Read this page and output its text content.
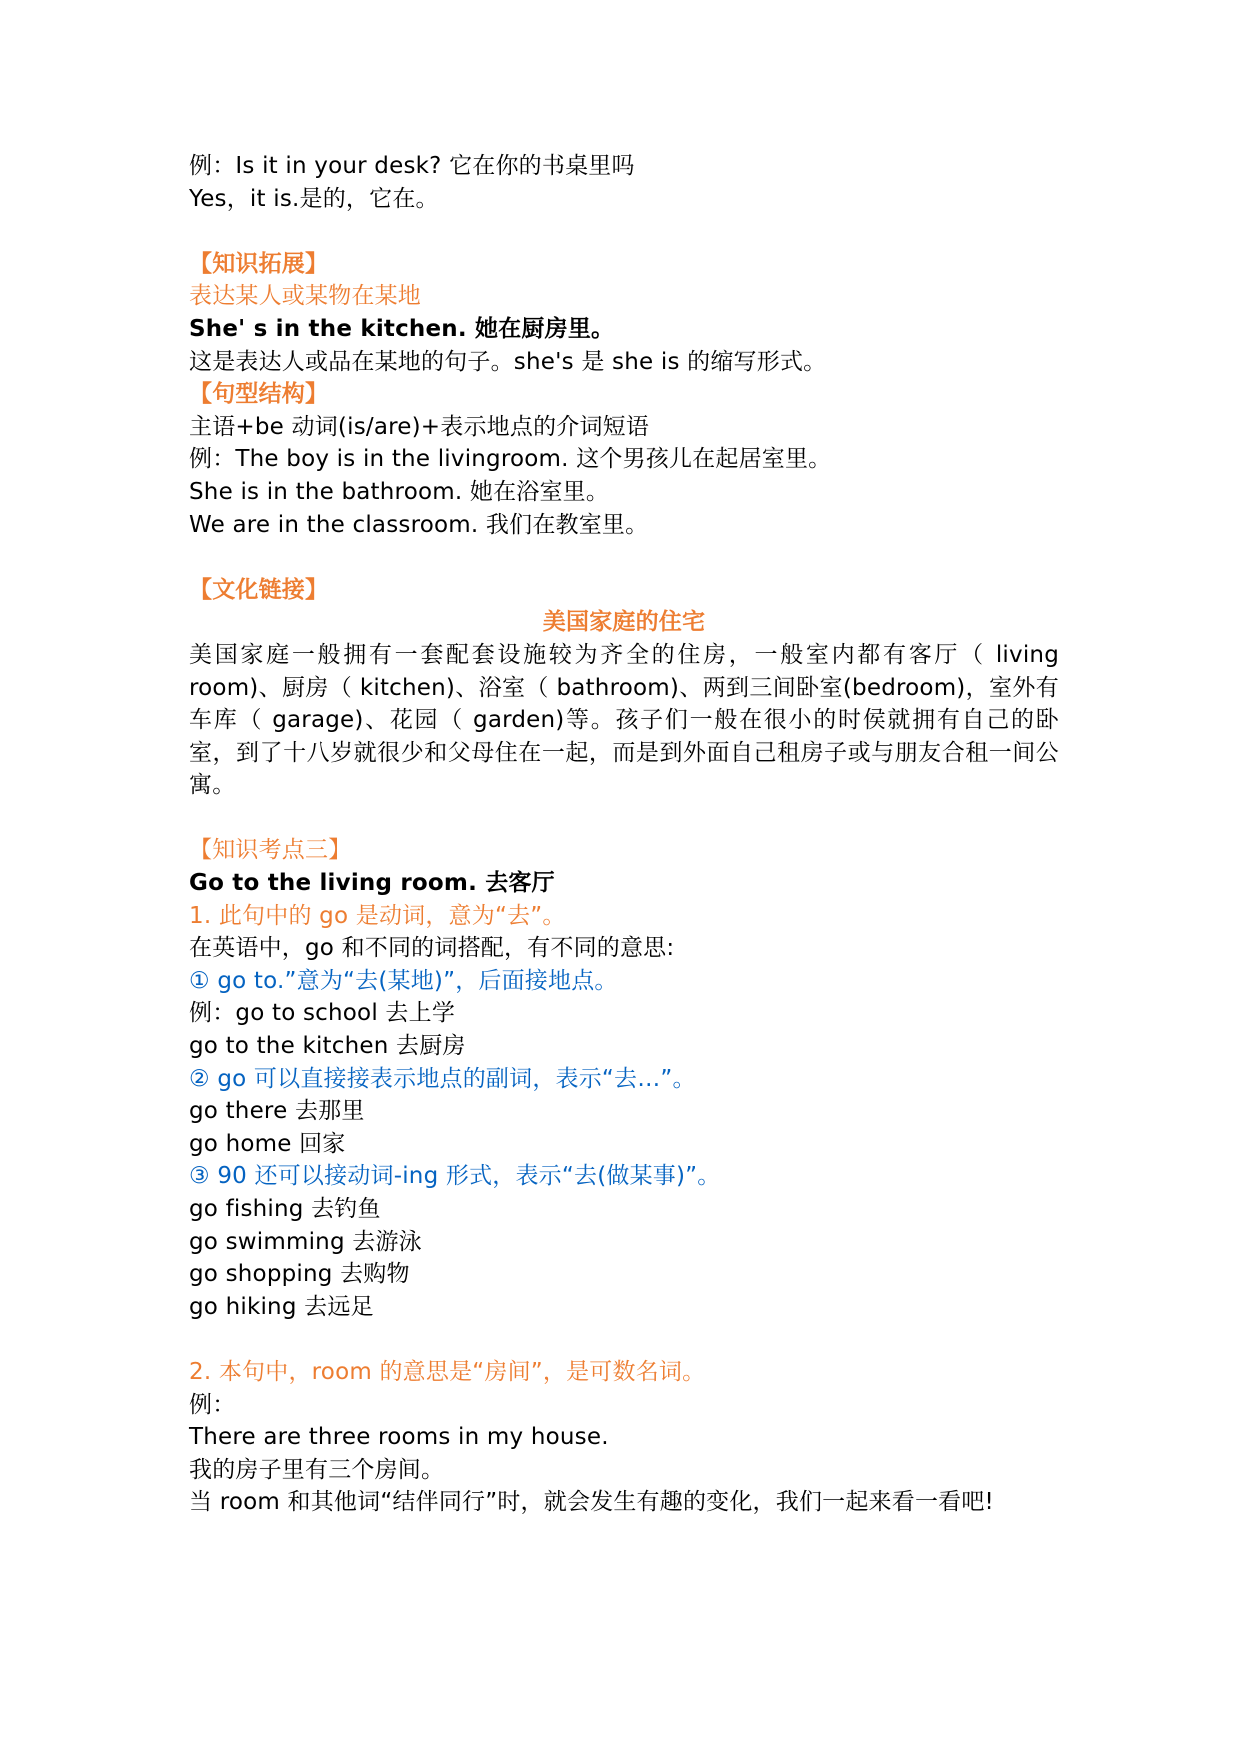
例：Is it in your desk? 它在你的书桌里吗
Yes，it is.是的，它在。
【知识拓展】
表达某人或某物在某地
She' s in the kitchen. 她在厨房里。
这是表达人或品在某地的句子。she's 是 she is 的缩写形式。
【句型结构】
主语+be 动词(is/are)+表示地点的介词短语
例：The boy is in the livingroom. 这个男孩儿在起居室里。
She is in the bathroom. 她在浴室里。
We are in the classroom. 我们在教室里。
【文化链接】
美国家庭的住宅
美国家庭一般拥有一套配套设施较为齐全的住房，一般室内都有客厅（ living room)、厨房（ kitchen)、浴室（ bathroom)、两到三间卧室(bedroom)，室外有车库（ garage)、花园（ garden)等。孩子们一般在很小的时侯就拥有自己的卧室，到了十八岁就很少和父母住在一起，而是到外面自己租房子或与朋友合租一间公寓。
【知识考点三】
Go to the living room. 去客厅
1. 此句中的 go 是动词，意为“去”。
在英语中，go 和不同的词搭配，有不同的意思:
① go to.”意为“去(某地)”，后面接地点。
例：go to school 去上学
go to the kitchen 去厨房
② go 可以直接接表示地点的副词，表示“去…”。
go there 去那里
go home 回家
③ 90 还可以接动词-ing 形式，表示“去(做某事)”。
go fishing 去钓鱼
go swimming 去游泳
go shopping 去购物
go hiking 去远足
2. 本句中，room 的意思是“房间”，是可数名词。
例：
There are three rooms in my house.
我的房子里有三个房间。
当 room 和其他词“结伴同行”时，就会发生有趣的变化，我们一起来看一看吧!
